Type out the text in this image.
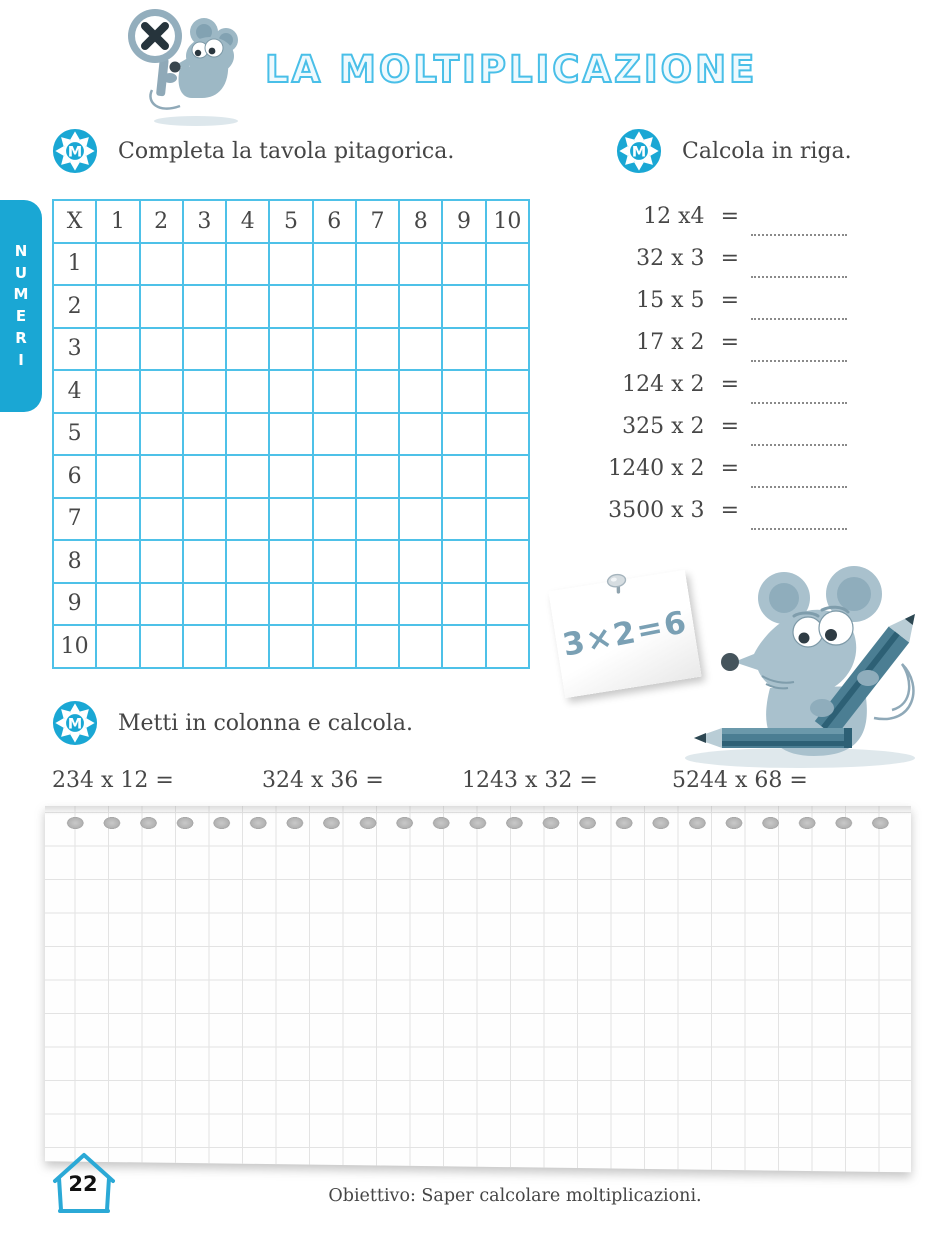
LA MOLTIPLICAZIONE
Completa la tavola pitagorica.	Calcola in riga.
NUMERI
X	1	2	3	4	5	6	7	8	9	10
1										
2										
3										
4										
5										
6										
7										
8										
9										
10										
12 x4 =
32 x 3 =
15 x 5 =
17 x 2 =
124 x 2 =
325 x 2 =
1240 x 2 =
3500 x 3 =
3×2=6
Metti in colonna e calcola.
234 x 12 =	324 x 36 =	1243 x 32 =	5244 x 68 =
22	Obiettivo: Saper calcolare moltiplicazioni.
